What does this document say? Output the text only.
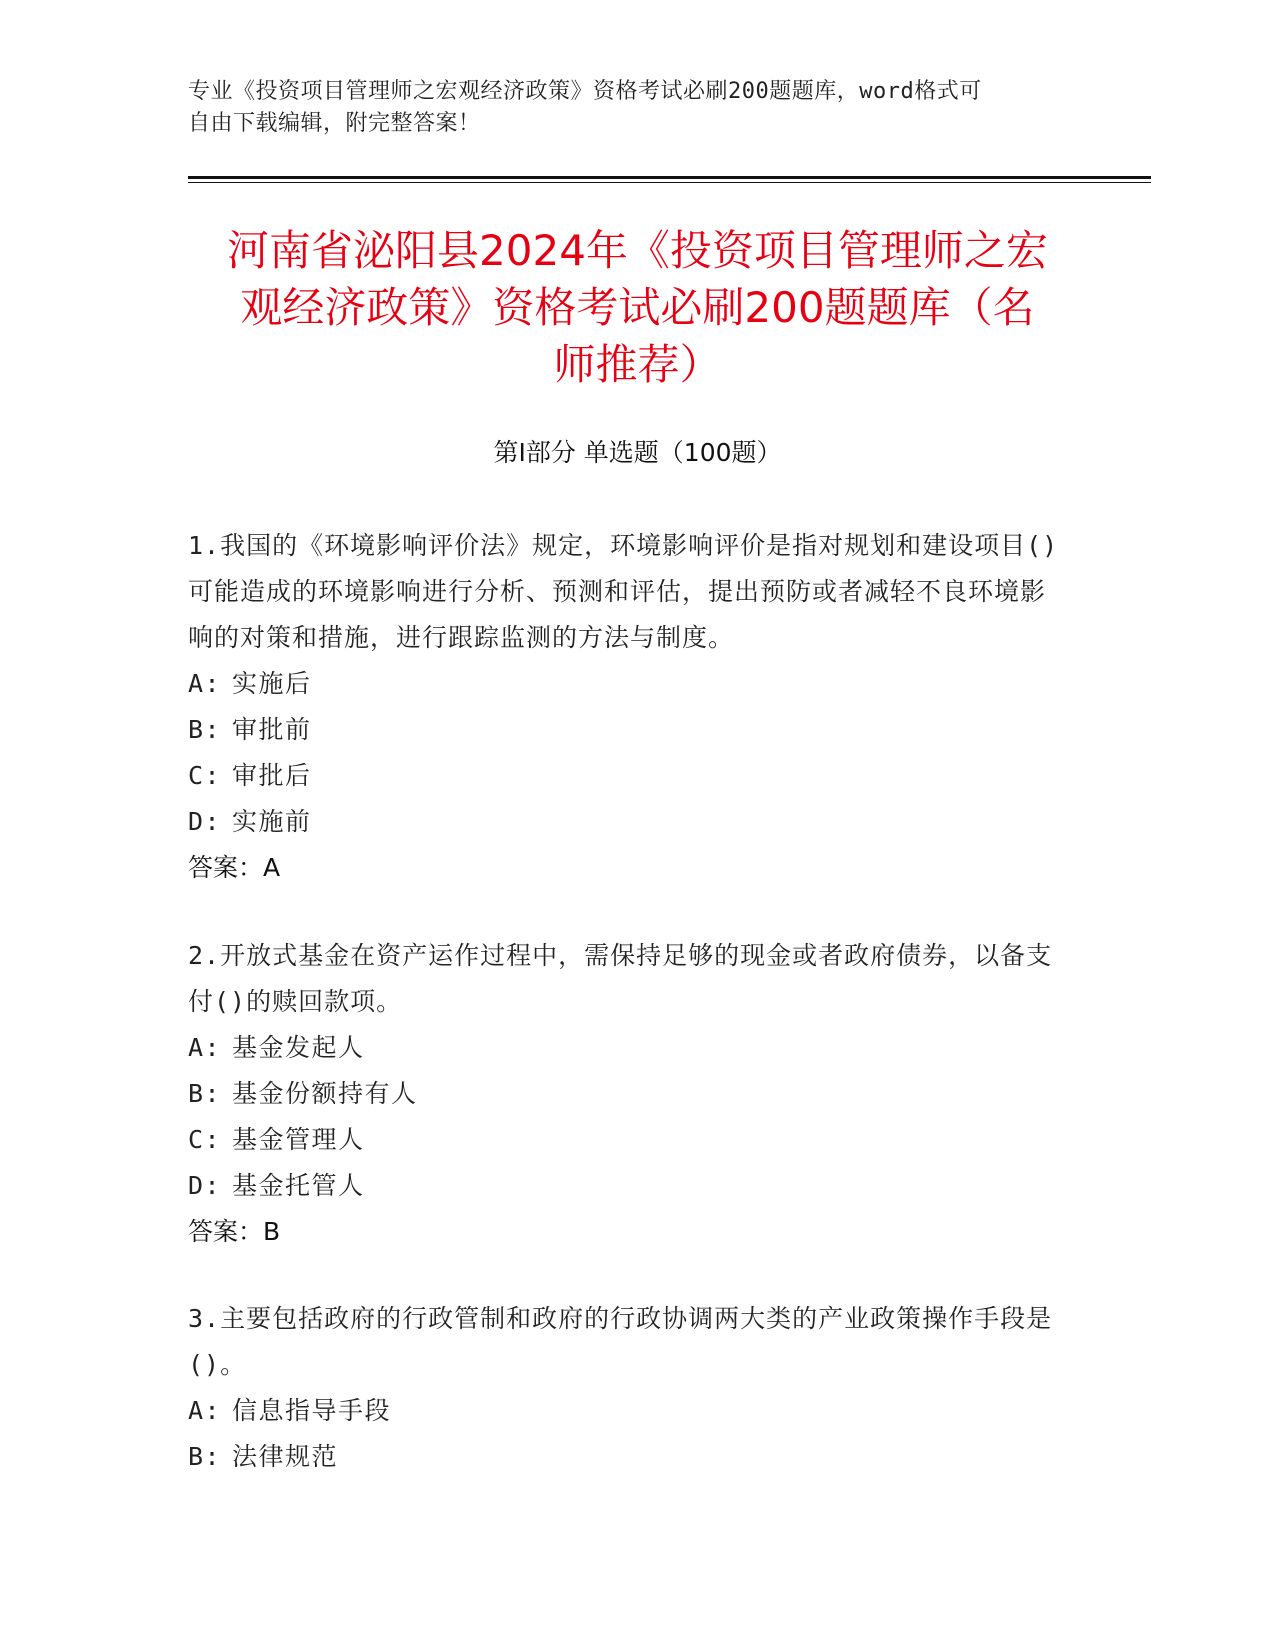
专业《投资项目管理师之宏观经济政策》资格考试必刷200题题库，word格式可
自由下载编辑，附完整答案！
河南省泌阳县2024年《投资项目管理师之宏
观经济政策》资格考试必刷200题题库（名
师推荐）
第Ⅰ部分 单选题（100题）

1.我国的《环境影响评价法》规定，环境影响评价是指对规划和建设项目()可能造成的环境影响进行分析、预测和评估，提出预防或者减轻不良环境影响的对策和措施，进行跟踪监测的方法与制度。

A: 实施后

B: 审批前

C: 审批后

D: 实施前

答案：A

2.开放式基金在资产运作过程中，需保持足够的现金或者政府债券，以备支付()的赎回款项。

A: 基金发起人

B: 基金份额持有人

C: 基金管理人

D: 基金托管人

答案：B

3.主要包括政府的行政管制和政府的行政协调两大类的产业政策操作手段是()。

A: 信息指导手段

B: 法律规范
